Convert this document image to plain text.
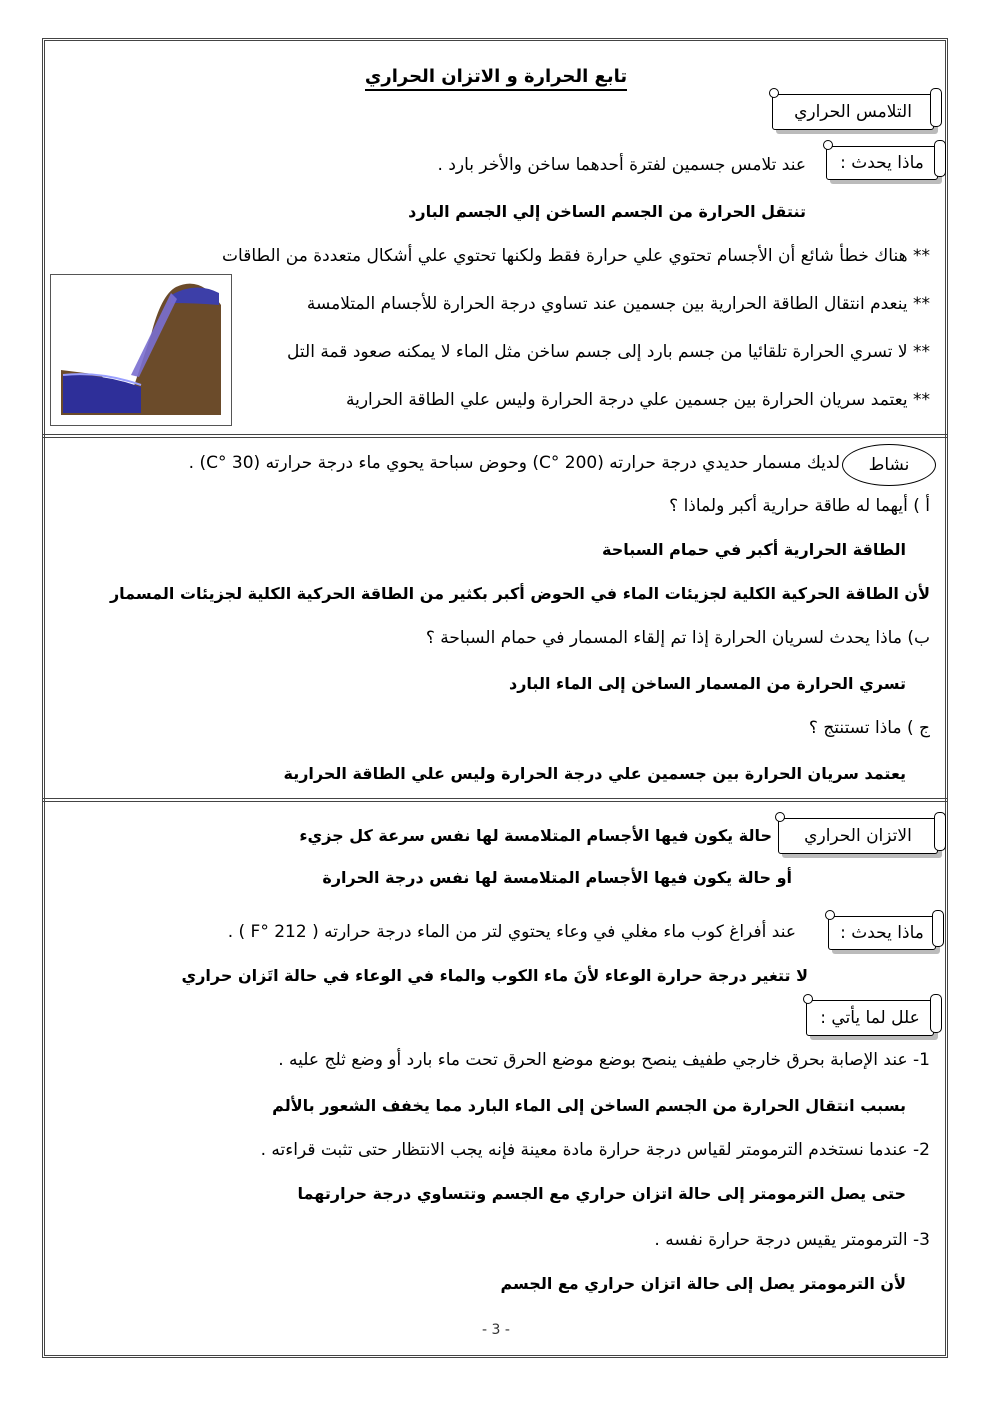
تابع الحرارة و الاتزان الحراري
التلامس الحراري
ماذا يحدث :
عند تلامس جسمين لفترة أحدهما ساخن والأخر بارد .
تنتقل الحرارة من الجسم الساخن إلي الجسم البارد
** هناك خطأ شائع أن الأجسام تحتوي علي حرارة فقط ولكنها تحتوي علي أشكال متعددة من الطاقات
** ينعدم انتقال الطاقة الحرارية بين جسمين عند تساوي درجة الحرارة للأجسام المتلامسة
** لا تسري الحرارة تلقائيا من جسم بارد إلى جسم ساخن مثل الماء لا يمكنه صعود قمة التل
** يعتمد سريان الحرارة بين جسمين علي درجة الحرارة وليس علي الطاقة الحرارية
نشاط
لديك مسمار حديدي درجة حرارته (200 °C) وحوض سباحة يحوي ماء درجة حرارته (30 °C) .
أ ) أيهما له طاقة حرارية أكبر ولماذا ؟
الطاقة الحرارية أكبر في حمام السباحة
لأن الطاقة الحركية الكلية لجزيئات الماء في الحوض أكبر بكثير من الطاقة الحركية الكلية لجزيئات المسمار
ب) ماذا يحدث لسريان الحرارة إذا تم إلقاء المسمار في حمام السباحة ؟
تسري الحرارة من المسمار الساخن إلى الماء البارد
ج ) ماذا تستنتج ؟
يعتمد سريان الحرارة بين جسمين علي درجة الحرارة وليس علي الطاقة الحرارية
الاتزان الحراري
حالة يكون فيها الأجسام المتلامسة لها نفس سرعة كل جزيء
أو حالة يكون فيها الأجسام المتلامسة لها نفس درجة الحرارة
ماذا يحدث :
عند أفراغ كوب ماء مغلي في وعاء يحتوي لتر من الماء درجة حرارته ( 212 °F ) .
لا تتغير درجة حرارة الوعاء لأنَ ماء الكوب والماء في الوعاء في حالة اتَزان حراري
علل لما يأتي :
1- عند الإصابة بحرق خارجي طفيف ينصح بوضع موضع الحرق تحت ماء بارد أو وضع ثلج عليه .
بسبب انتقال الحرارة من الجسم الساخن إلى الماء البارد مما يخفف الشعور بالألم
2- عندما نستخدم الترمومتر لقياس درجة حرارة مادة معينة فإنه يجب الانتظار حتى تثبت قراءته .
حتى يصل الترمومتر إلى حالة اتزان حراري مع الجسم وتتساوي درجة حرارتهما
3- الترمومتر يقيس درجة حرارة نفسه .
لأن الترمومتر يصل إلى حالة اتزان حراري مع الجسم
- 3 -
